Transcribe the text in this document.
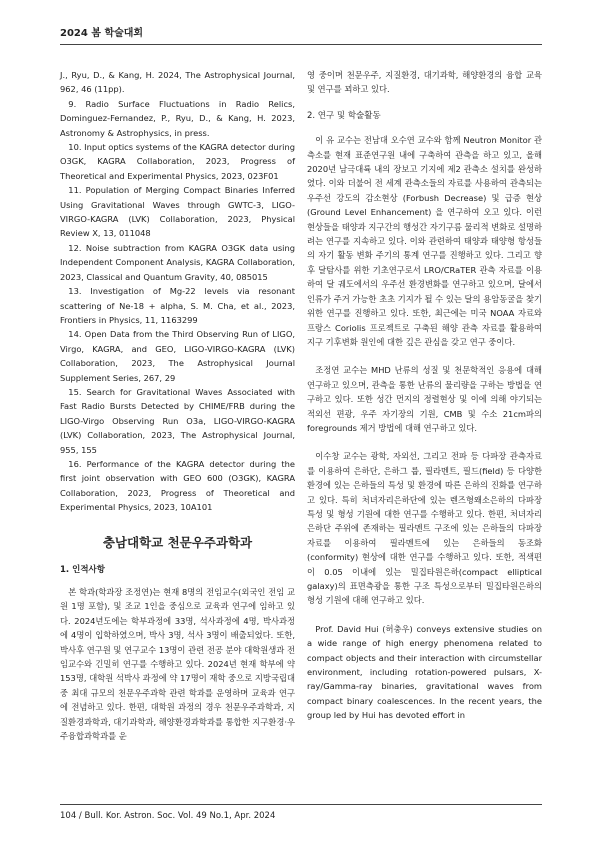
2024 봄 학술대회

J., Ryu, D., & Kang, H. 2024, The Astrophysical Journal, 962, 46 (11pp).

9. Radio Surface Fluctuations in Radio Relics, Dominguez-Fernandez, P., Ryu, D., & Kang, H. 2023, Astronomy & Astrophysics, in press.

10. Input optics systems of the KAGRA detector during O3GK, KAGRA Collaboration, 2023, Progress of Theoretical and Experimental Physics, 2023, 023F01

11. Population of Merging Compact Binaries Inferred Using Gravitational Waves through GWTC-3, LIGO-VIRGO-KAGRA (LVK) Collaboration, 2023, Physical Review X, 13, 011048

12. Noise subtraction from KAGRA O3GK data using Independent Component Analysis, KAGRA Collaboration, 2023, Classical and Quantum Gravity, 40, 085015

13. Investigation of Mg-22 levels via resonant scattering of Ne-18 + alpha, S. M. Cha, et al., 2023, Frontiers in Physics, 11, 1163299

14. Open Data from the Third Observing Run of LIGO, Virgo, KAGRA, and GEO, LIGO-VIRGO-KAGRA (LVK) Collaboration, 2023, The Astrophysical Journal Supplement Series, 267, 29

15. Search for Gravitational Waves Associated with Fast Radio Bursts Detected by CHIME/FRB during the LIGO-Virgo Observing Run O3a, LIGO-VIRGO-KAGRA (LVK) Collaboration, 2023, The Astrophysical Journal, 955, 155

16. Performance of the KAGRA detector during the first joint observation with GEO 600 (O3GK), KAGRA Collaboration, 2023, Progress of Theoretical and Experimental Physics, 2023, 10A101

충남대학교 천문우주과학과
1. 인적사항

본 학과(학과장 조정연)는 현재 8명의 전임교수(외국인 전임 교원 1명 포함), 및 조교 1인을 중심으로 교육과 연구에 임하고 있다. 2024년도에는 학부과정에 33명, 석사과정에 4명, 박사과정에 4명이 입학하였으며, 박사 3명, 석사 3명이 배출되었다. 또한, 박사후 연구원 및 연구교수 13명이 관련 전공 분야 대학원생과 전임교수와 긴밀히 연구를 수행하고 있다. 2024년 현재 학부에 약 153명, 대학원 석박사 과정에 약 17명이 재학 중으로 지방국립대 중 최대 규모의 천문우주과학 관련 학과를 운영하며 교육과 연구에 전념하고 있다. 한편, 대학원 과정의 경우 천문우주과학과, 지질환경과학과, 대기과학과, 해양환경과학과를 통합한 지구환경·우주융합과학과를 운

영 중이며 천문우주, 지질환경, 대기과학, 해양환경의 융합 교육 및 연구를 꾀하고 있다.

2. 연구 및 학술활동

이 유 교수는 전남대 오수연 교수와 함께 Neutron Monitor 관측소를 현재 표준연구원 내에 구축하여 관측을 하고 있고, 올해 2020년 남극대륙 내의 장보고 기지에 제2 관측소 설치를 완성하였다. 이와 더불어 전 세계 관측소들의 자료를 사용하여 관측되는 우주선 강도의 감소현상 (Forbush Decrease) 및 급증 현상 (Ground Level Enhancement) 을 연구하여 오고 있다. 이런 현상들을 태양과 지구간의 행성간 자기구름 물리적 변화로 설명하려는 연구를 지속하고 있다. 이와 관련하여 태양과 태양형 항성들의 자기 활동 변화 주기의 통계 연구를 진행하고 있다. 그리고 향후 달탐사를 위한 기초연구로서 LRO/CRaTER 관측 자료를 이용하여 달 궤도에서의 우주선 환경변화를 연구하고 있으며, 달에서 인류가 주거 가능한 초초 기지가 될 수 있는 달의 용암동굴을 찾기 위한 연구를 진행하고 있다. 또한, 최근에는 미국 NOAA 자료와 프랑스 Coriolis 프로젝트로 구축된 해양 관측 자료를 활용하여 지구 기후변화 원인에 대한 깊은 관심을 갖고 연구 중이다.

조정연 교수는 MHD 난류의 성질 및 천문학적인 응용에 대해 연구하고 있으며, 관측을 통한 난류의 물리량을 구하는 방법을 연구하고 있다. 또한 성간 먼지의 정렬현상 및 이에 의해 야기되는 적외선 편광, 우주 자기장의 기원, CMB 및 수소 21cm파의 foregrounds 제거 방법에 대해 연구하고 있다.

이수창 교수는 광학, 자외선, 그리고 전파 등 다파장 관측자료를 이용하여 은하단, 은하그 룹, 필라멘트, 필드(field) 등 다양한 환경에 있는 은하들의 특성 및 환경에 따른 은하의 진화를 연구하고 있다. 특히 처녀자리은하단에 있는 렌즈형왜소은하의 다파장 특성 및 형성 기원에 대한 연구를 수행하고 있다. 한편, 처녀자리 은하단 주위에 존재하는 필라멘트 구조에 있는 은하들의 다파장 자료를 이용하여 필라멘트에 있는 은하들의 동조화 (conformity) 현상에 대한 연구를 수행하고 있다. 또한, 적색편이 0.05 이내에 있는 밀집타원은하(compact elliptical galaxy)의 표면측광을 통한 구조 특성으로부터 밀집타원은하의 형성 기원에 대해 연구하고 있다.

Prof. David Hui (허충우) conveys extensive studies on a wide range of high energy phenomena related to compact objects and their interaction with circumstellar environment, including rotation-powered pulsars, X-ray/Gamma-ray binaries, gravitational waves from compact binary coalescences. In the recent years, the group led by Hui has devoted effort in

104 / Bull. Kor. Astron. Soc. Vol. 49 No.1, Apr. 2024
